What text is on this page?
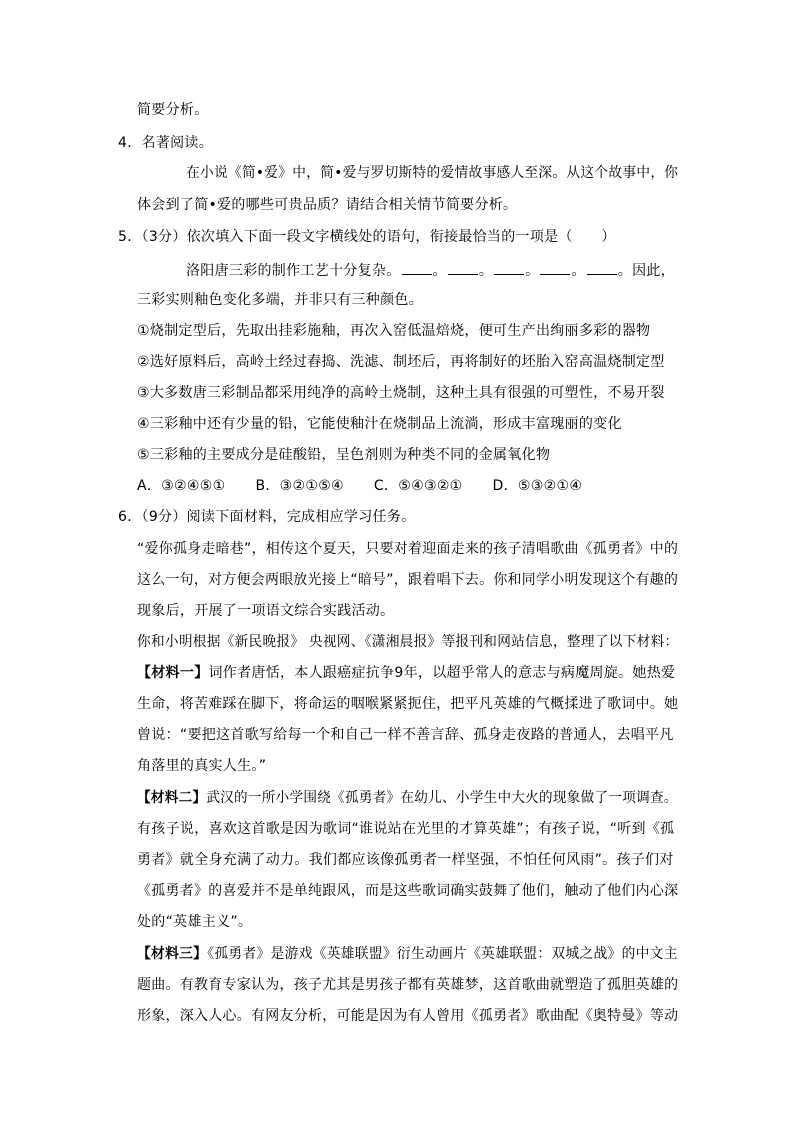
简要分析。
4．名著阅读。
在小说《简•爱》中，简•爱与罗切斯特的爱情故事感人至深。从这个故事中，你
体会到了简•爱的哪些可贵品质？请结合相关情节简要分析。
5．（3分）依次填入下面一段文字横线处的语句，衔接最恰当的一项是（　　）
洛阳唐三彩的制作工艺十分复杂。 。 。 。 。 。因此，
三彩实则釉色变化多端，并非只有三种颜色。
①烧制定型后，先取出挂彩施釉，再次入窑低温焙烧，便可生产出绚丽多彩的器物
②选好原料后，高岭土经过舂捣、洗滤、制坯后，再将制好的坯胎入窑高温烧制定型
③大多数唐三彩制品都采用纯净的高岭土烧制，这种土具有很强的可塑性，不易开裂
④三彩釉中还有少量的铅，它能使釉汁在烧制品上流淌，形成丰富瑰丽的变化
⑤三彩釉的主要成分是硅酸铅，呈色剂则为种类不同的金属氧化物
A．③②④⑤① B．③②①⑤④ C．⑤④③②① D．⑤③②①④
6．（9分）阅读下面材料，完成相应学习任务。
“爱你孤身走暗巷”，相传这个夏天，只要对着迎面走来的孩子清唱歌曲《孤勇者》中的
这么一句，对方便会两眼放光接上“暗号”，跟着唱下去。你和同学小明发现这个有趣的
现象后，开展了一项语文综合实践活动。
你和小明根据《新民晚报》 央视网、《潇湘晨报》等报刊和网站信息，整理了以下材料：
【材料一】词作者唐恬，本人跟癌症抗争9年，以超乎常人的意志与病魔周旋。她热爱
生命，将苦难踩在脚下，将命运的咽喉紧紧扼住，把平凡英雄的气概揉进了歌词中。她
曾说：“要把这首歌写给每一个和自己一样不善言辞、孤身走夜路的普通人，去唱平凡
角落里的真实人生。”
【材料二】武汉的一所小学围绕《孤勇者》在幼儿、小学生中大火的现象做了一项调查。
有孩子说，喜欢这首歌是因为歌词“谁说站在光里的才算英雄”；有孩子说，“听到《孤
勇者》就全身充满了动力。我们都应该像孤勇者一样坚强，不怕任何风雨”。孩子们对
《孤勇者》的喜爱并不是单纯跟风，而是这些歌词确实鼓舞了他们，触动了他们内心深
处的“英雄主义”。
【材料三】《孤勇者》是游戏《英雄联盟》衍生动画片《英雄联盟：双城之战》的中文主
题曲。有教育专家认为，孩子尤其是男孩子都有英雄梦，这首歌曲就塑造了孤胆英雄的
形象，深入人心。有网友分析，可能是因为有人曾用《孤勇者》歌曲配《奥特曼》等动
